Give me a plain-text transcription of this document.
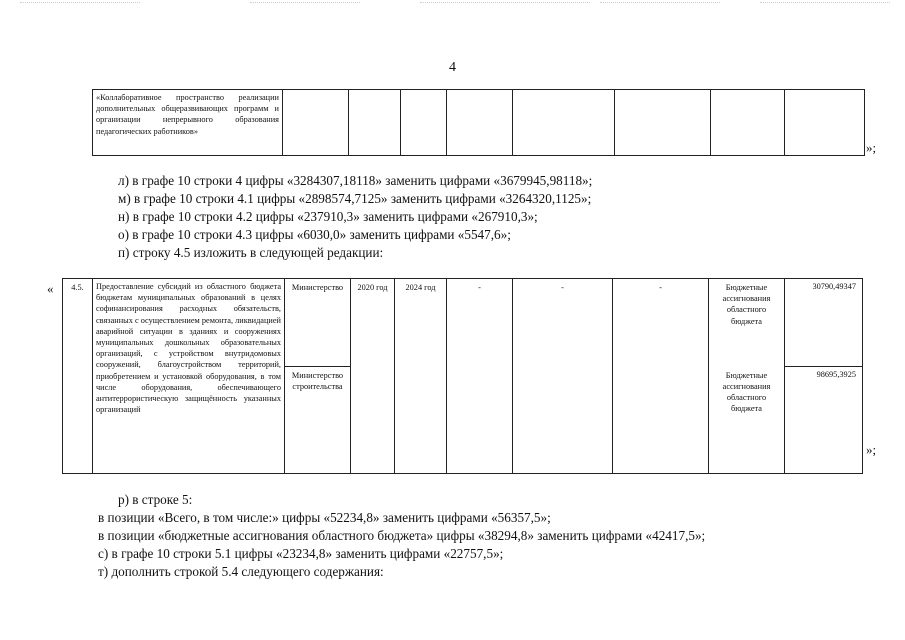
4
«Коллаборативное пространство реализации дополнительных общеразвивающих программ и организации непрерывного образования педагогических работников»								
»;
л) в графе 10 строки 4 цифры «3284307,18118» заменить цифрами «3679945,98118»;
м) в графе 10 строки 4.1 цифры «2898574,7125» заменить цифрами «3264320,1125»;
н) в графе 10 строки 4.2 цифры «237910,3» заменить цифрами «267910,3»;
о) в графе 10 строки 4.3 цифры «6030,0» заменить цифрами «5547,6»;
п) строку 4.5 изложить в следующей редакции:
« 4.5.	Предоставление субсидий из областного бюджета бюджетам муниципальных образований в целях софинансирования расходных обязательств, связанных с осуществлением ремонта, ликвидацией аварийной ситуации в зданиях и сооружениях муниципальных дошкольных образовательных организаций, с устройством внутридомовых сооружений, благоустройством территорий, приобретением и установкой оборудования, в том числе оборудования, обеспечивающего антитеррористическую защищённость указанных организаций	Министерство	2020 год	2024 год	-	-	-	Бюджетные ассигнования областного бюджета	30790,49347
		Министерство строительства						Бюджетные ассигнования областного бюджета	98695,3925
»;
р) в строке 5:
в позиции «Всего, в том числе:» цифры «52234,8» заменить цифрами «56357,5»;
в позиции «бюджетные ассигнования областного бюджета» цифры «38294,8» заменить цифрами «42417,5»;
с) в графе 10 строки 5.1 цифры «23234,8» заменить цифрами «22757,5»;
т) дополнить строкой 5.4 следующего содержания:
